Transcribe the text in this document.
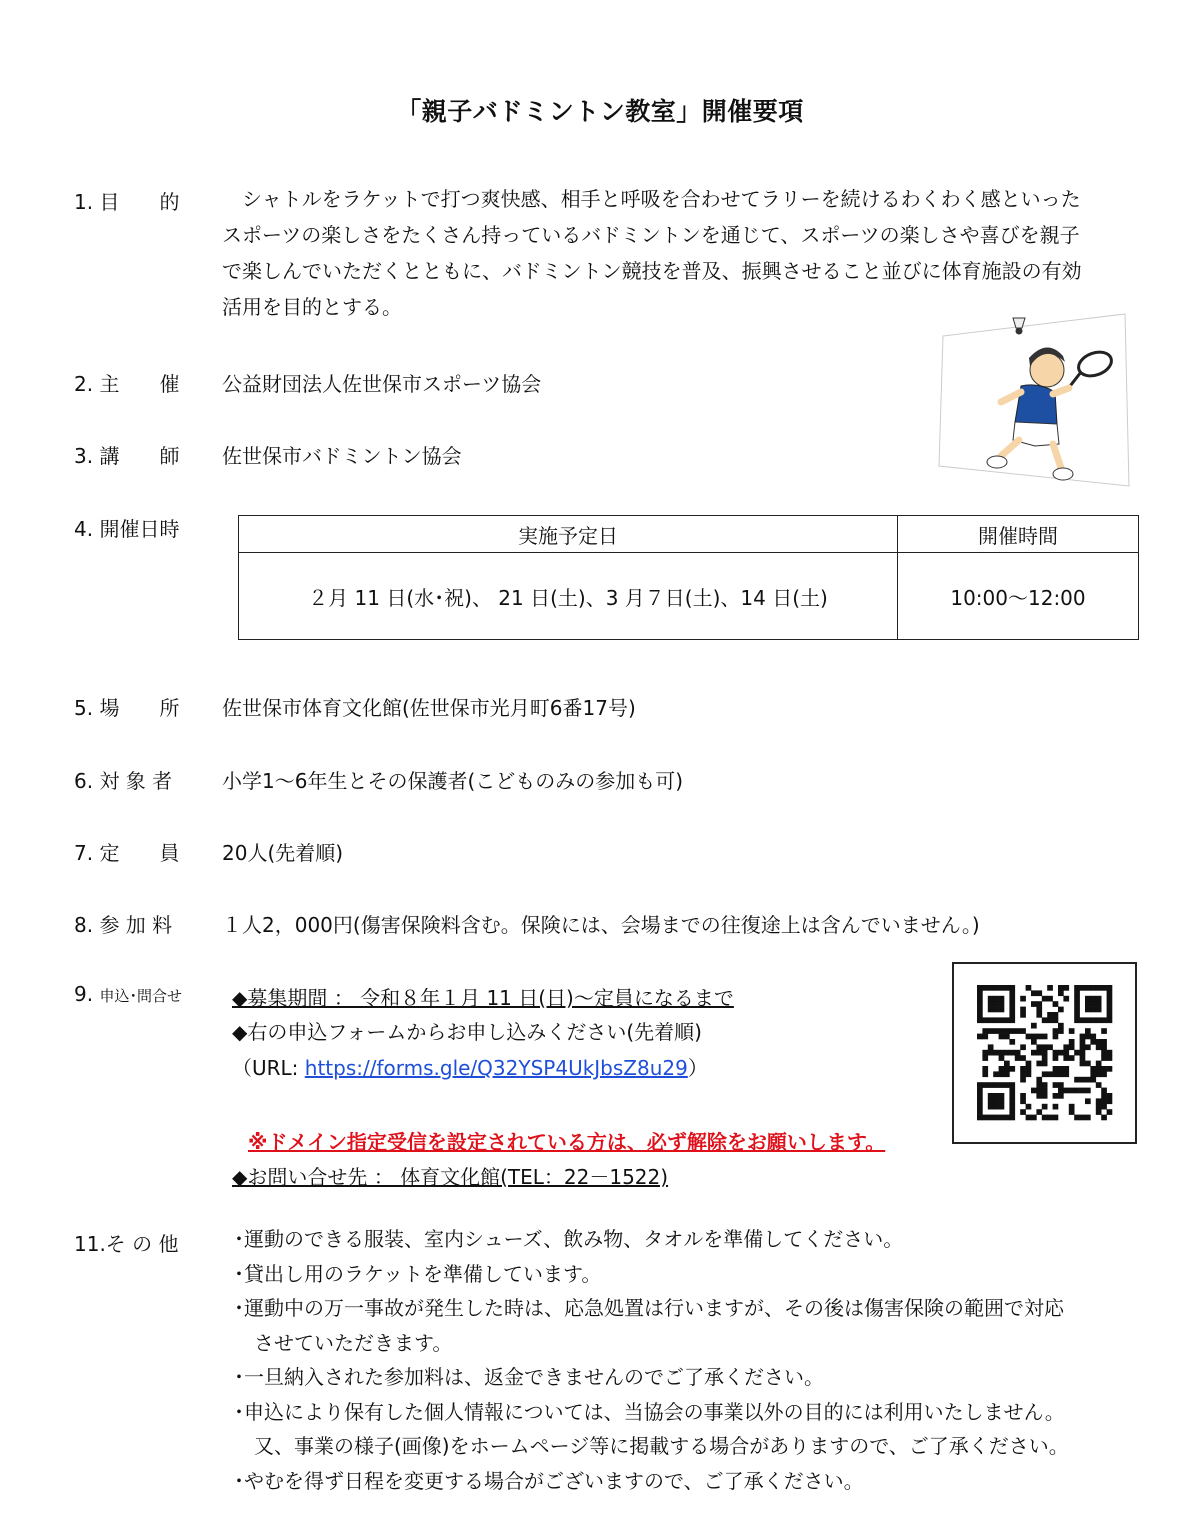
「親子バドミントン教室」開催要項
1. 目　　的 　シャトルをラケットで打つ爽快感、相手と呼吸を合わせてラリーを続けるわくわく感といった

スポーツの楽しさをたくさん持っているバドミントンを通じて、スポーツの楽しさや喜びを親子

で楽しんでいただくとともに、バドミントン競技を普及、振興させること並びに体育施設の有効

活用を目的とする。

2. 主　　催 公益財団法人佐世保市スポーツ協会
3. 講　　師 佐世保市バドミントン協会
4. 開催日時	実施予定日	開催時間
２月 11 日(水･祝)、 21 日(土)、3 月７日(土)、14 日(土)	10:00～12:00
5. 場　　所 佐世保市体育文化館(佐世保市光月町6番17号)
6. 対 象 者 小学1～6年生とその保護者(こどものみの参加も可)
7. 定　　員 20人(先着順)
8. 参 加 料 １人2，000円(傷害保険料含む。保険には、会場までの往復途上は含んでいません。)
9. 申込･問合せ	◆募集期間 ： 令和８年１月 11 日(日)～定員になるまで
◆右の申込フォームからお申し込みください(先着順)
（URL: https://forms.gle/Q32YSP4UkJbsZ8u29）
※ドメイン指定受信を設定されている方は、必ず解除をお願いします。
◆お問い合せ先 ： 体育文化館(TEL：22－1522)
11.そ の 他	･運動のできる服装、室内シューズ、飲み物、タオルを準備してください。
･貸出し用のラケットを準備しています。
･運動中の万一事故が発生した時は、応急処置は行いますが、その後は傷害保険の範囲で対応
　させていただきます。
･一旦納入された参加料は、返金できませんのでご了承ください。
･申込により保有した個人情報については、当協会の事業以外の目的には利用いたしません。
　又、事業の様子(画像)をホームページ等に掲載する場合がありますので、ご了承ください。
･やむを得ず日程を変更する場合がございますので、ご了承ください。
